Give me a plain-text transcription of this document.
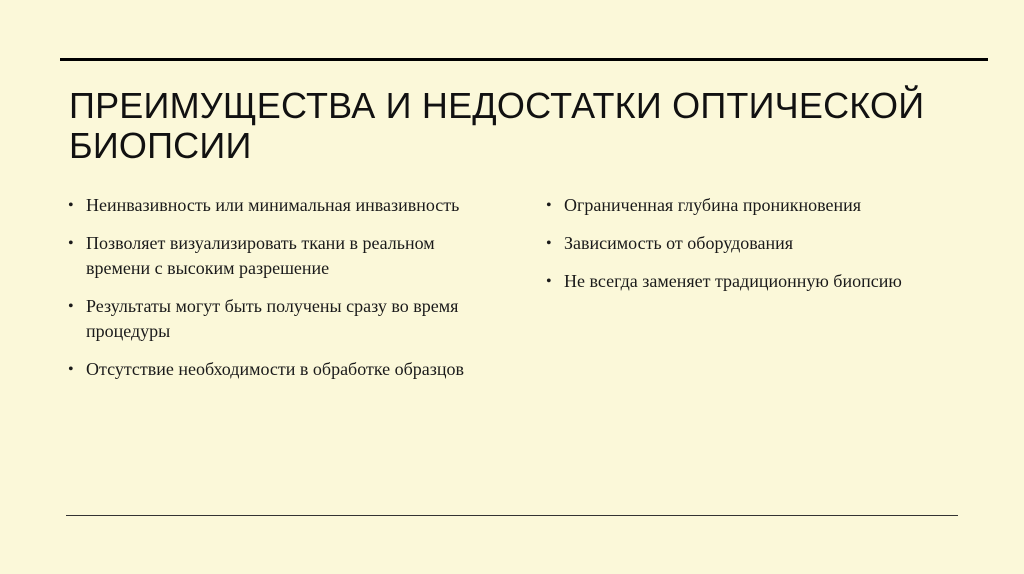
ПРЕИМУЩЕСТВА И НЕДОСТАТКИ ОПТИЧЕСКОЙ БИОПСИИ
• Неинвазивность или минимальная инвазивность
• Позволяет визуализировать ткани в реальном времени с высоким разрешение
• Результаты могут быть получены сразу во время процедуры
• Отсутствие необходимости в обработке образцов
• Ограниченная глубина проникновения
• Зависимость от оборудования
• Не всегда заменяет традиционную биопсию
